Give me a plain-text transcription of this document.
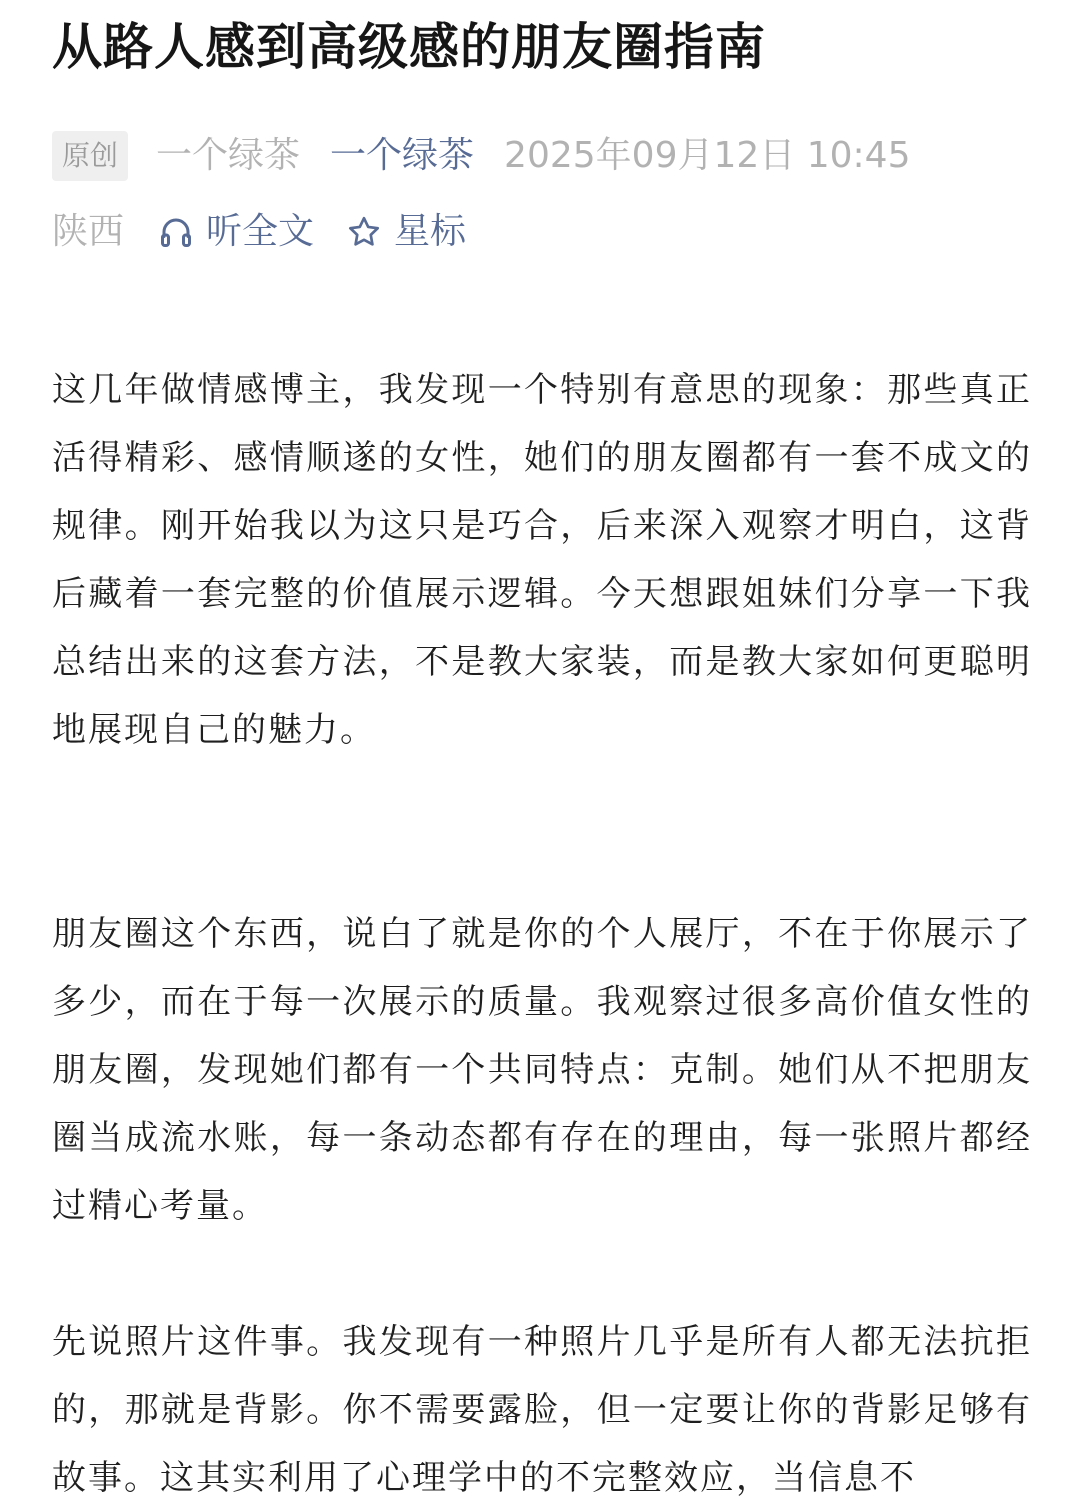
从路人感到高级感的朋友圈指南
原创 一个绿茶 一个绿茶 2025年09月12日 10:45
陕西 听全文 星标

这几年做情感博主，我发现一个特别有意思的现象：那些真正活得精彩、感情顺遂的女性，她们的朋友圈都有一套不成文的规律。刚开始我以为这只是巧合，后来深入观察才明白，这背后藏着一套完整的价值展示逻辑。今天想跟姐妹们分享一下我总结出来的这套方法，不是教大家装，而是教大家如何更聪明地展现自己的魅力。

朋友圈这个东西，说白了就是你的个人展厅，不在于你展示了多少，而在于每一次展示的质量。我观察过很多高价值女性的朋友圈，发现她们都有一个共同特点：克制。她们从不把朋友圈当成流水账，每一条动态都有存在的理由，每一张照片都经过精心考量。

先说照片这件事。我发现有一种照片几乎是所有人都无法抗拒的，那就是背影。你不需要露脸，但一定要让你的背影足够有故事。这其实利用了心理学中的不完整效应，当信息不
